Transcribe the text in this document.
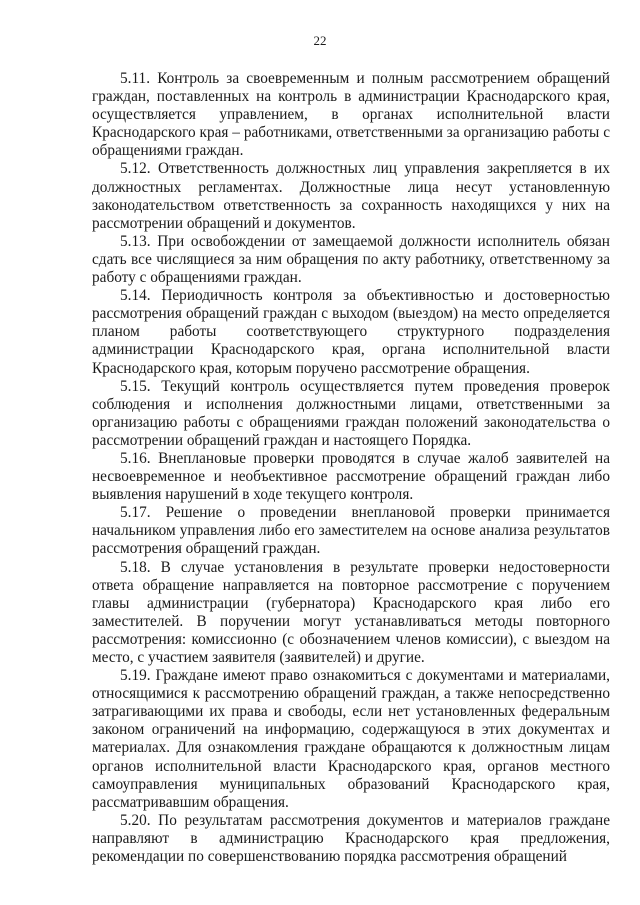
22

5.11. Контроль за своевременным и полным рассмотрением обращений граждан, поставленных на контроль в администрации Краснодарского края, осуществляется управлением, в органах исполнительной власти Краснодарского края – работниками, ответственными за организацию работы с обращениями граждан.

5.12. Ответственность должностных лиц управления закрепляется в их должностных регламентах. Должностные лица несут установленную законодательством ответственность за сохранность находящихся у них на рассмотрении обращений и документов.

5.13. При освобождении от замещаемой должности исполнитель обязан сдать все числящиеся за ним обращения по акту работнику, ответственному за работу с обращениями граждан.

5.14. Периодичность контроля за объективностью и достоверностью рассмотрения обращений граждан с выходом (выездом) на место определяется планом работы соответствующего структурного подразделения администрации Краснодарского края, органа исполнительной власти Краснодарского края, которым поручено рассмотрение обращения.

5.15. Текущий контроль осуществляется путем проведения проверок соблюдения и исполнения должностными лицами, ответственными за организацию работы с обращениями граждан положений законодательства о рассмотрении обращений граждан и настоящего Порядка.

5.16. Внеплановые проверки проводятся в случае жалоб заявителей на несвоевременное и необъективное рассмотрение обращений граждан либо выявления нарушений в ходе текущего контроля.

5.17. Решение о проведении внеплановой проверки принимается начальником управления либо его заместителем на основе анализа результатов рассмотрения обращений граждан.

5.18. В случае установления в результате проверки недостоверности ответа обращение направляется на повторное рассмотрение с поручением главы администрации (губернатора) Краснодарского края либо его заместителей. В поручении могут устанавливаться методы повторного рассмотрения: комиссионно (с обозначением членов комиссии), с выездом на место, с участием заявителя (заявителей) и другие.

5.19. Граждане имеют право ознакомиться с документами и материалами, относящимися к рассмотрению обращений граждан, а также непосредственно затрагивающими их права и свободы, если нет установленных федеральным законом ограничений на информацию, содержащуюся в этих документах и материалах. Для ознакомления граждане обращаются к должностным лицам органов исполнительной власти Краснодарского края, органов местного самоуправления муниципальных образований Краснодарского края, рассматривавшим обращения.

5.20. По результатам рассмотрения документов и материалов граждане направляют в администрацию Краснодарского края предложения, рекомендации по совершенствованию порядка рассмотрения обращений
